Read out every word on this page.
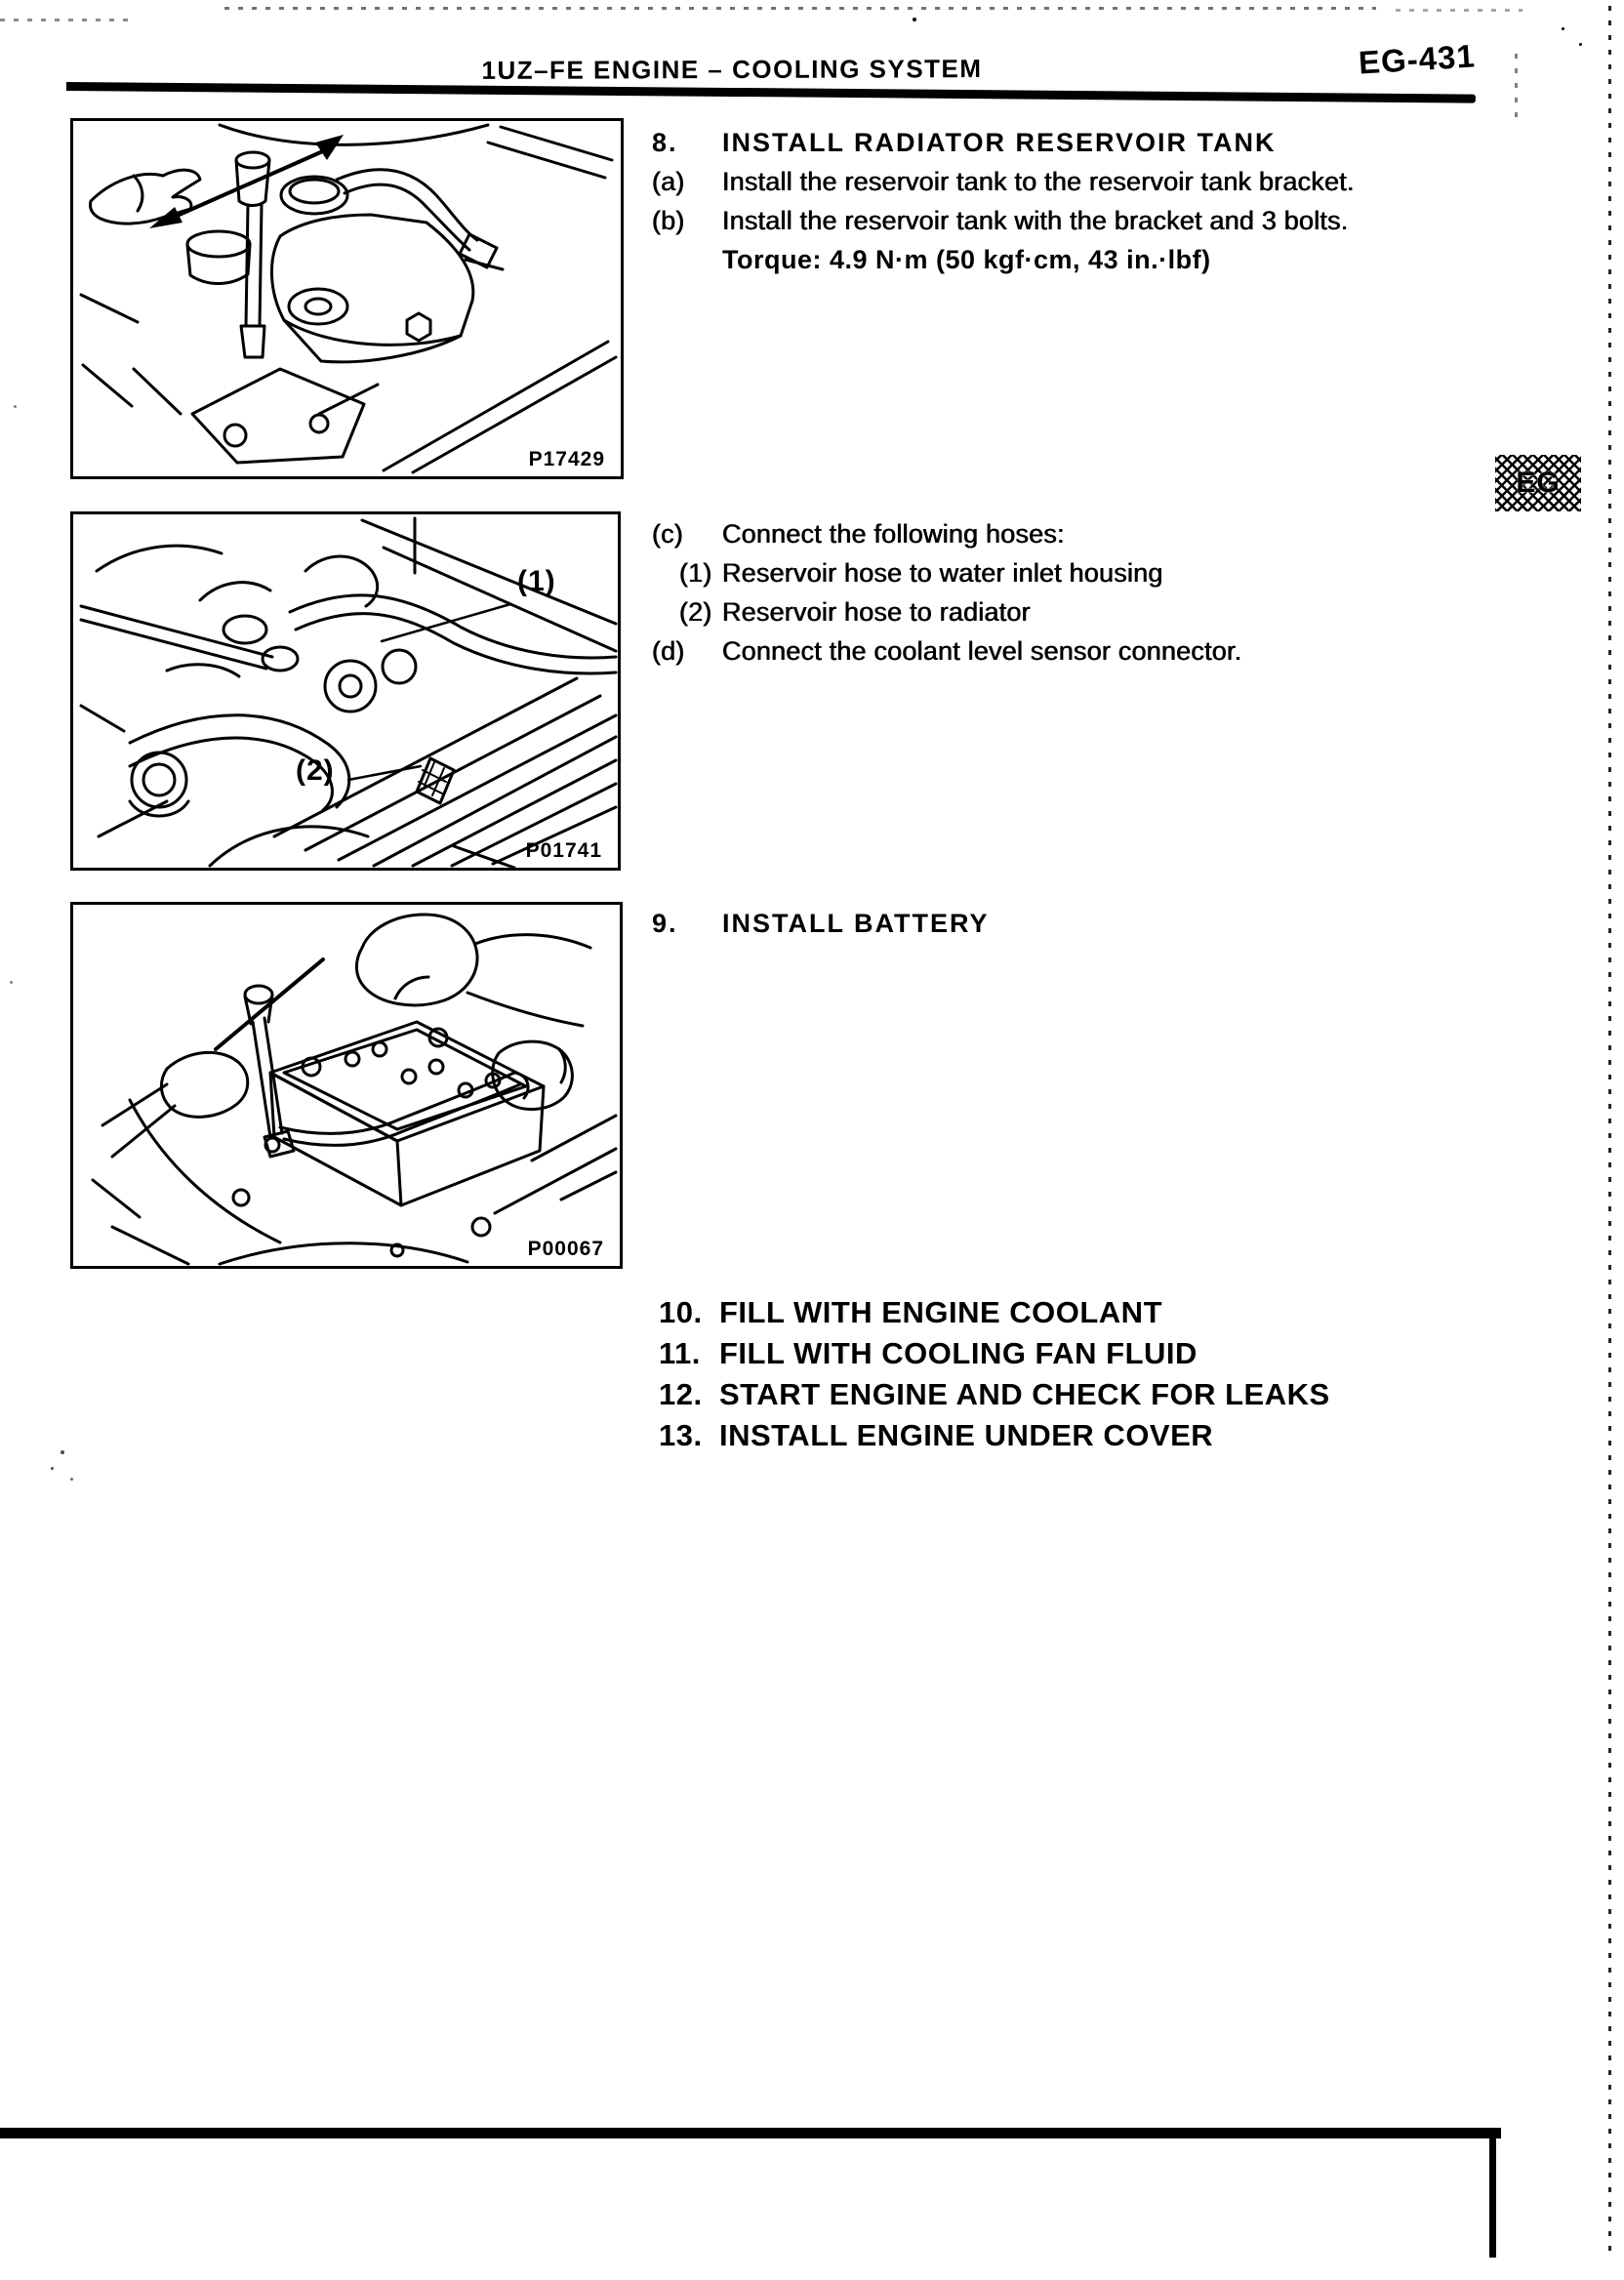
1UZ–FE ENGINE – COOLING SYSTEM	EG-431
EG
P17429
(1)
(2)
P01741
P00067
8.	INSTALL RADIATOR RESERVOIR TANK
(a)	Install the reservoir tank to the reservoir tank bracket.
(b)	Install the reservoir tank with the bracket and 3 bolts.
Torque: 4.9 N·m (50 kgf·cm, 43 in.·lbf)
(c)	Connect the following hoses:
(1) Reservoir hose to water inlet housing
(2) Reservoir hose to radiator
(d)	Connect the coolant level sensor connector.
9.	INSTALL BATTERY
10. FILL WITH ENGINE COOLANT
11. FILL WITH COOLING FAN FLUID
12. START ENGINE AND CHECK FOR LEAKS
13. INSTALL ENGINE UNDER COVER
